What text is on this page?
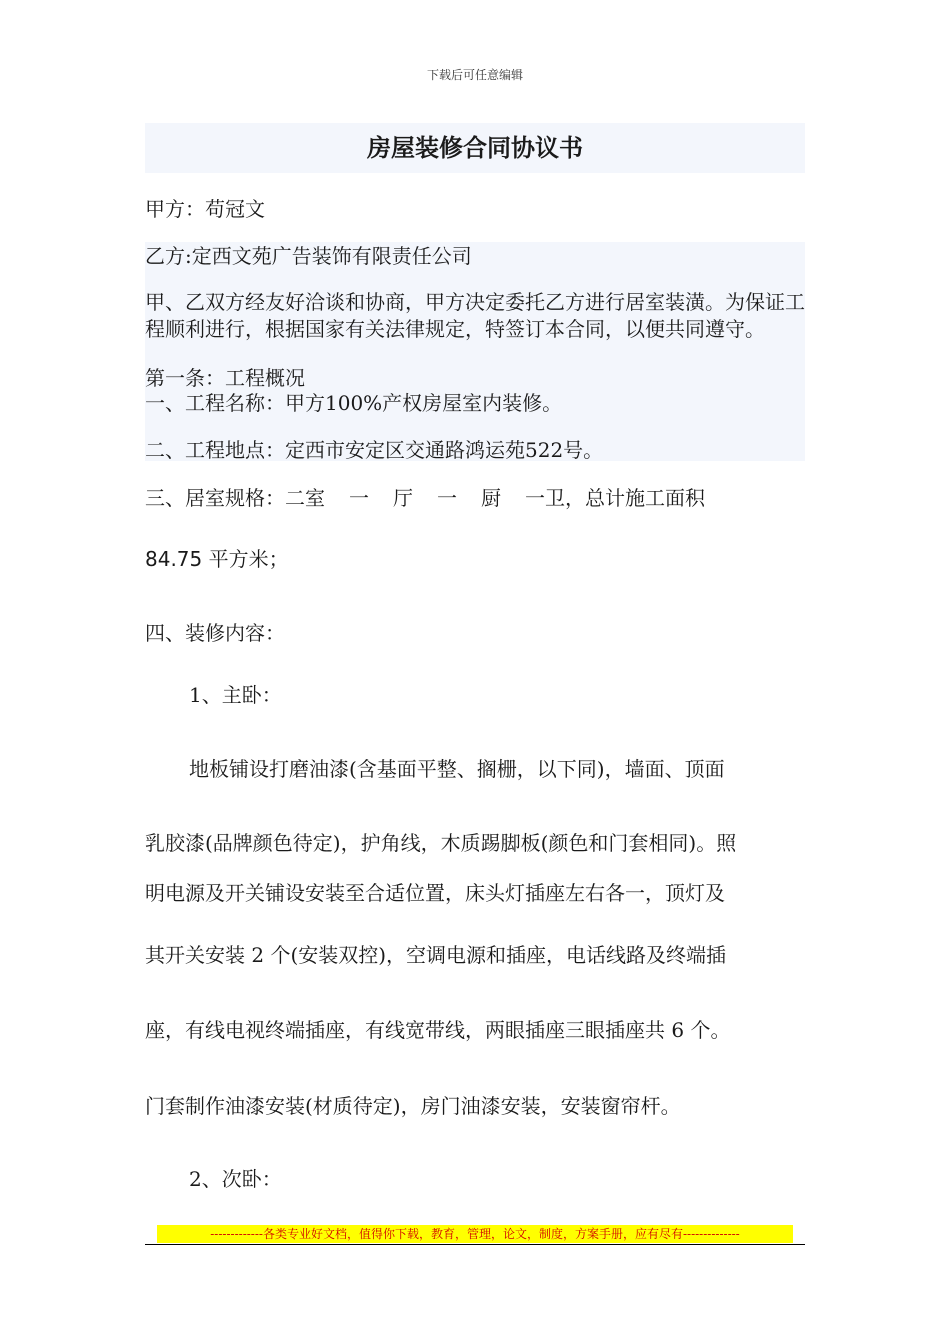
下载后可任意编辑
房屋装修合同协议书
甲方：苟冠文
乙方:定西文苑广告装饰有限责任公司
甲、乙双方经友好洽谈和协商，甲方决定委托乙方进行居室装潢。为保证工程顺利进行，根据国家有关法律规定，特签订本合同，以便共同遵守。
第一条：工程概况
一、工程名称：甲方100%产权房屋室内装修。
二、工程地点：定西市安定区交通路鸿运苑522号。
三、居室规格：二室 一 厅 一 厨 一卫，总计施工面积
84.75 平方米；
四、装修内容：
1、主卧：
地板铺设打磨油漆(含基面平整、搁栅，以下同)，墙面、顶面
乳胶漆(品牌颜色待定)，护角线，木质踢脚板(颜色和门套相同)。照
明电源及开关铺设安装至合适位置，床头灯插座左右各一，顶灯及
其开关安装 2 个(安装双控)，空调电源和插座，电话线路及终端插
座，有线电视终端插座，有线宽带线，两眼插座三眼插座共 6 个。
门套制作油漆安装(材质待定)，房门油漆安装，安装窗帘杆。
2、次卧：
-------------各类专业好文档，值得你下载，教育，管理，论文，制度，方案手册，应有尽有--------------
